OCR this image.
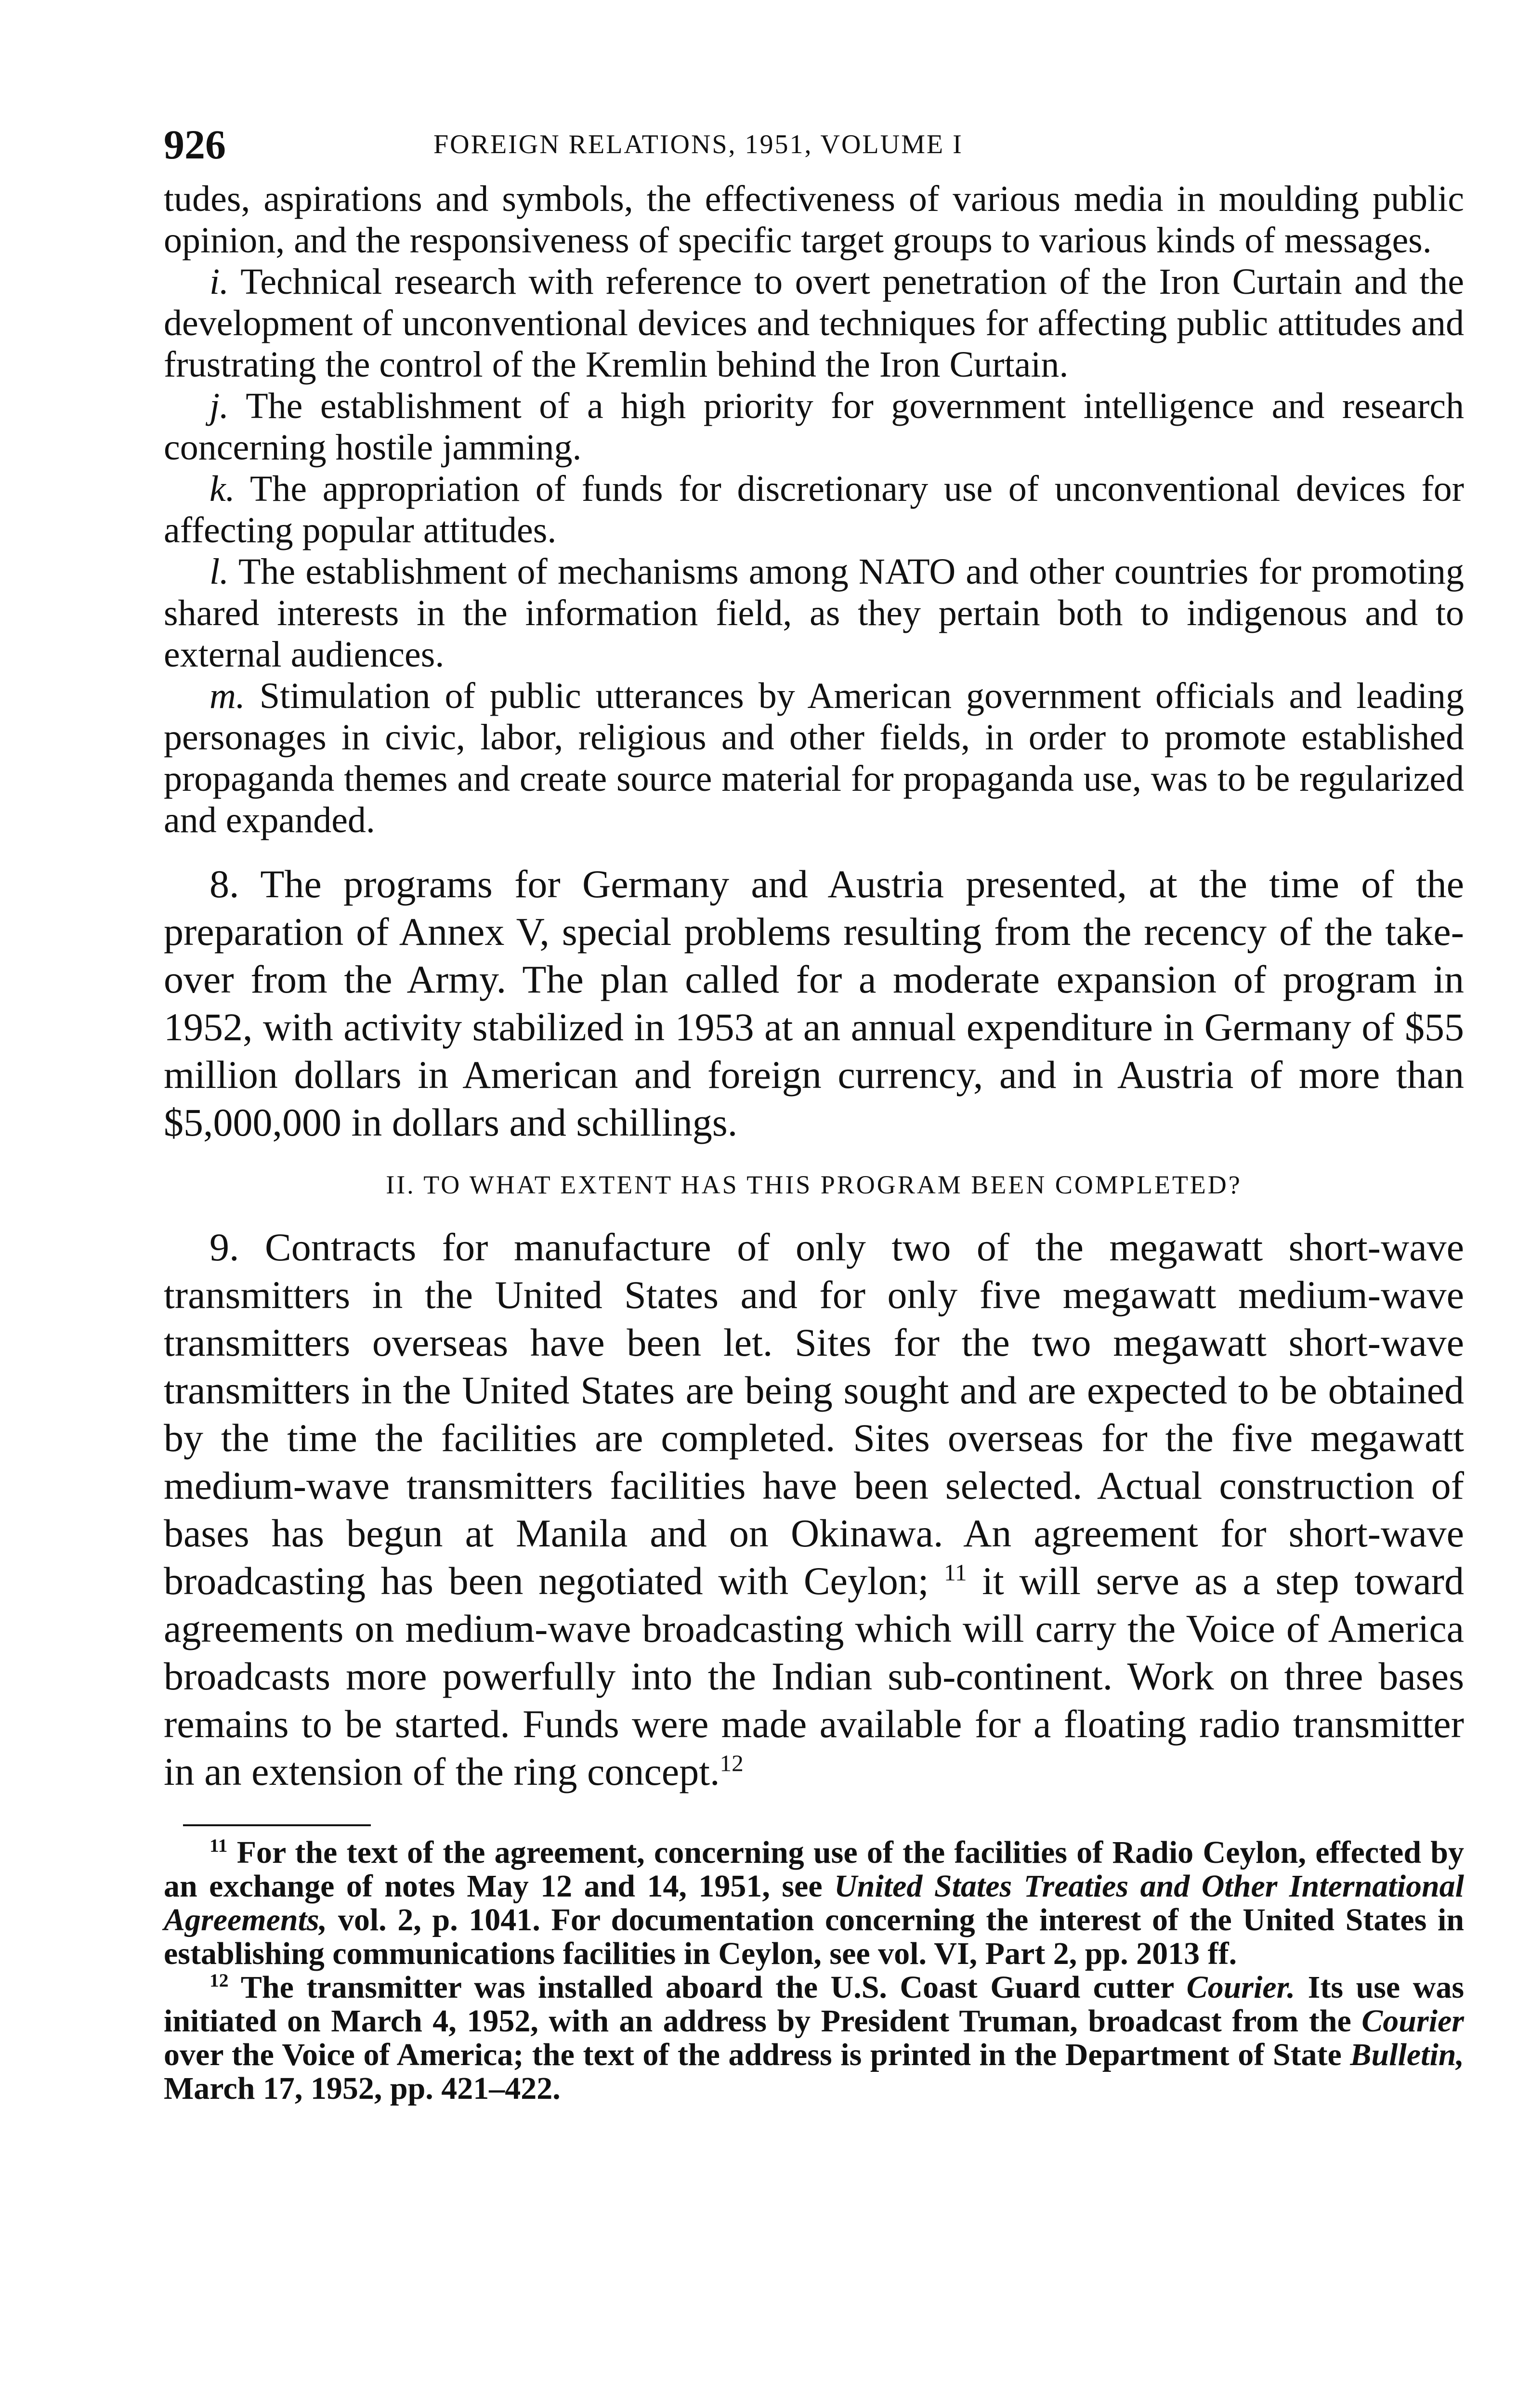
926	FOREIGN RELATIONS, 1951, VOLUME I

tudes, aspirations and symbols, the effectiveness of various media in moulding public opinion, and the responsiveness of specific target groups to various kinds of messages.

i. Technical research with reference to overt penetration of the Iron Curtain and the development of unconventional devices and techniques for affecting public attitudes and frustrating the control of the Kremlin behind the Iron Curtain.

j. The establishment of a high priority for government intelligence and research concerning hostile jamming.

k. The appropriation of funds for discretionary use of unconventional devices for affecting popular attitudes.

l. The establishment of mechanisms among NATO and other countries for promoting shared interests in the information field, as they pertain both to indigenous and to external audiences.

m. Stimulation of public utterances by American government officials and leading personages in civic, labor, religious and other fields, in order to promote established propaganda themes and create source material for propaganda use, was to be regularized and expanded.

8. The programs for Germany and Austria presented, at the time of the preparation of Annex V, special problems resulting from the recency of the take-over from the Army. The plan called for a moderate expansion of program in 1952, with activity stabilized in 1953 at an annual expenditure in Germany of $55 million dollars in American and foreign currency, and in Austria of more than $5,000,000 in dollars and schillings.

II. TO WHAT EXTENT HAS THIS PROGRAM BEEN COMPLETED?

9. Contracts for manufacture of only two of the megawatt short-wave transmitters in the United States and for only five megawatt medium-wave transmitters overseas have been let. Sites for the two megawatt short-wave transmitters in the United States are being sought and are expected to be obtained by the time the facilities are completed. Sites overseas for the five megawatt medium-wave transmitters facilities have been selected. Actual construction of bases has begun at Manila and on Okinawa. An agreement for short-wave broadcasting has been negotiated with Ceylon; $^{11}$ it will serve as a step toward agreements on medium-wave broadcasting which will carry the Voice of America broadcasts more powerfully into the Indian sub-continent. Work on three bases remains to be started. Funds were made available for a floating radio transmitter in an extension of the ring concept.$^{12}$

$^{11}$ For the text of the agreement, concerning use of the facilities of Radio Ceylon, effected by an exchange of notes May 12 and 14, 1951, see United States Treaties and Other International Agreements, vol. 2, p. 1041. For documentation concerning the interest of the United States in establishing communications facilities in Ceylon, see vol. VI, Part 2, pp. 2013 ff.

$^{12}$ The transmitter was installed aboard the U.S. Coast Guard cutter Courier. Its use was initiated on March 4, 1952, with an address by President Truman, broadcast from the Courier over the Voice of America; the text of the address is printed in the Department of State Bulletin, March 17, 1952, pp. 421–422.
